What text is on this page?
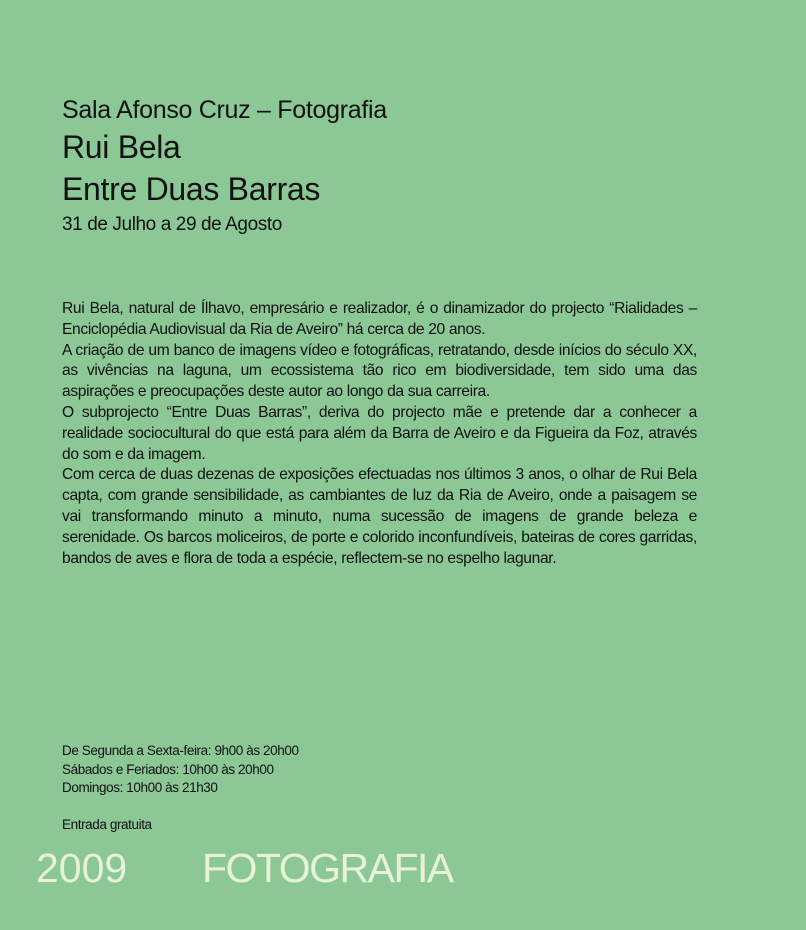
Sala Afonso Cruz – Fotografia
Rui Bela
Entre Duas Barras
31 de Julho a 29 de Agosto

Rui Bela, natural de Ílhavo, empresário e realizador, é o dinamizador do projecto “Rialidades – Enciclopédia Audiovisual da Ria de Aveiro” há cerca de 20 anos.

A criação de um banco de imagens vídeo e fotográficas, retratando, desde inícios do século XX, as vivências na laguna, um ecossistema tão rico em biodiversidade, tem sido uma das aspirações e preocupações deste autor ao longo da sua carreira.

O subprojecto “Entre Duas Barras”, deriva do projecto mãe e pretende dar a conhecer a realidade sociocultural do que está para além da Barra de Aveiro e da Figueira da Foz, através do som e da imagem.

Com cerca de duas dezenas de exposições efectuadas nos últimos 3 anos, o olhar de Rui Bela capta, com grande sensibilidade, as cambiantes de luz da Ria de Aveiro, onde a paisagem se vai transformando minuto a minuto, numa sucessão de imagens de grande beleza e serenidade. Os barcos moliceiros, de porte e colorido inconfundíveis, bateiras de cores garridas, bandos de aves e flora de toda a espécie, reflectem-se no espelho lagunar.

De Segunda a Sexta-feira: 9h00 às 20h00
Sábados e Feriados: 10h00 às 20h00
Domingos: 10h00 às 21h30
Entrada gratuita
2009 FOTOGRAFIA
